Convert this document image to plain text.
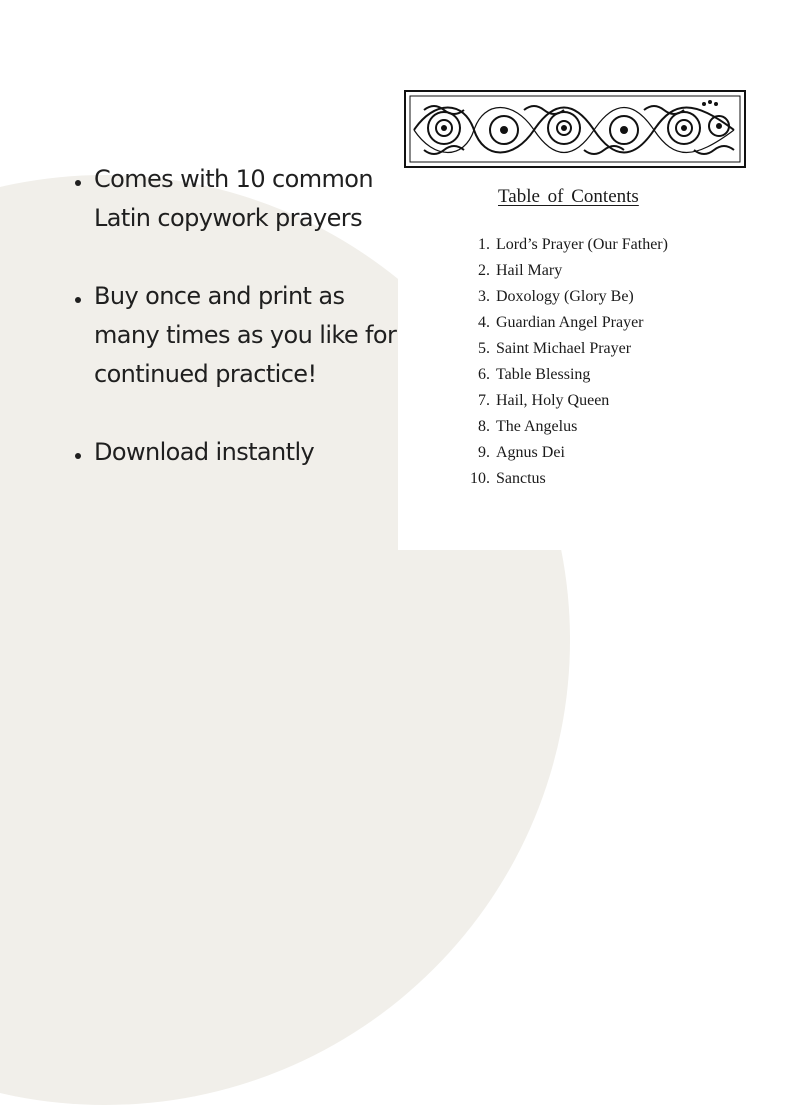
Comes with 10 common Latin copywork prayers
Buy once and print as many times as you like for continued practice!
Download instantly
Table of Contents
1. Lord’s Prayer (Our Father)
2. Hail Mary
3. Doxology (Glory Be)
4. Guardian Angel Prayer
5. Saint Michael Prayer
6. Table Blessing
7. Hail, Holy Queen
8. The Angelus
9. Agnus Dei
10. Sanctus
